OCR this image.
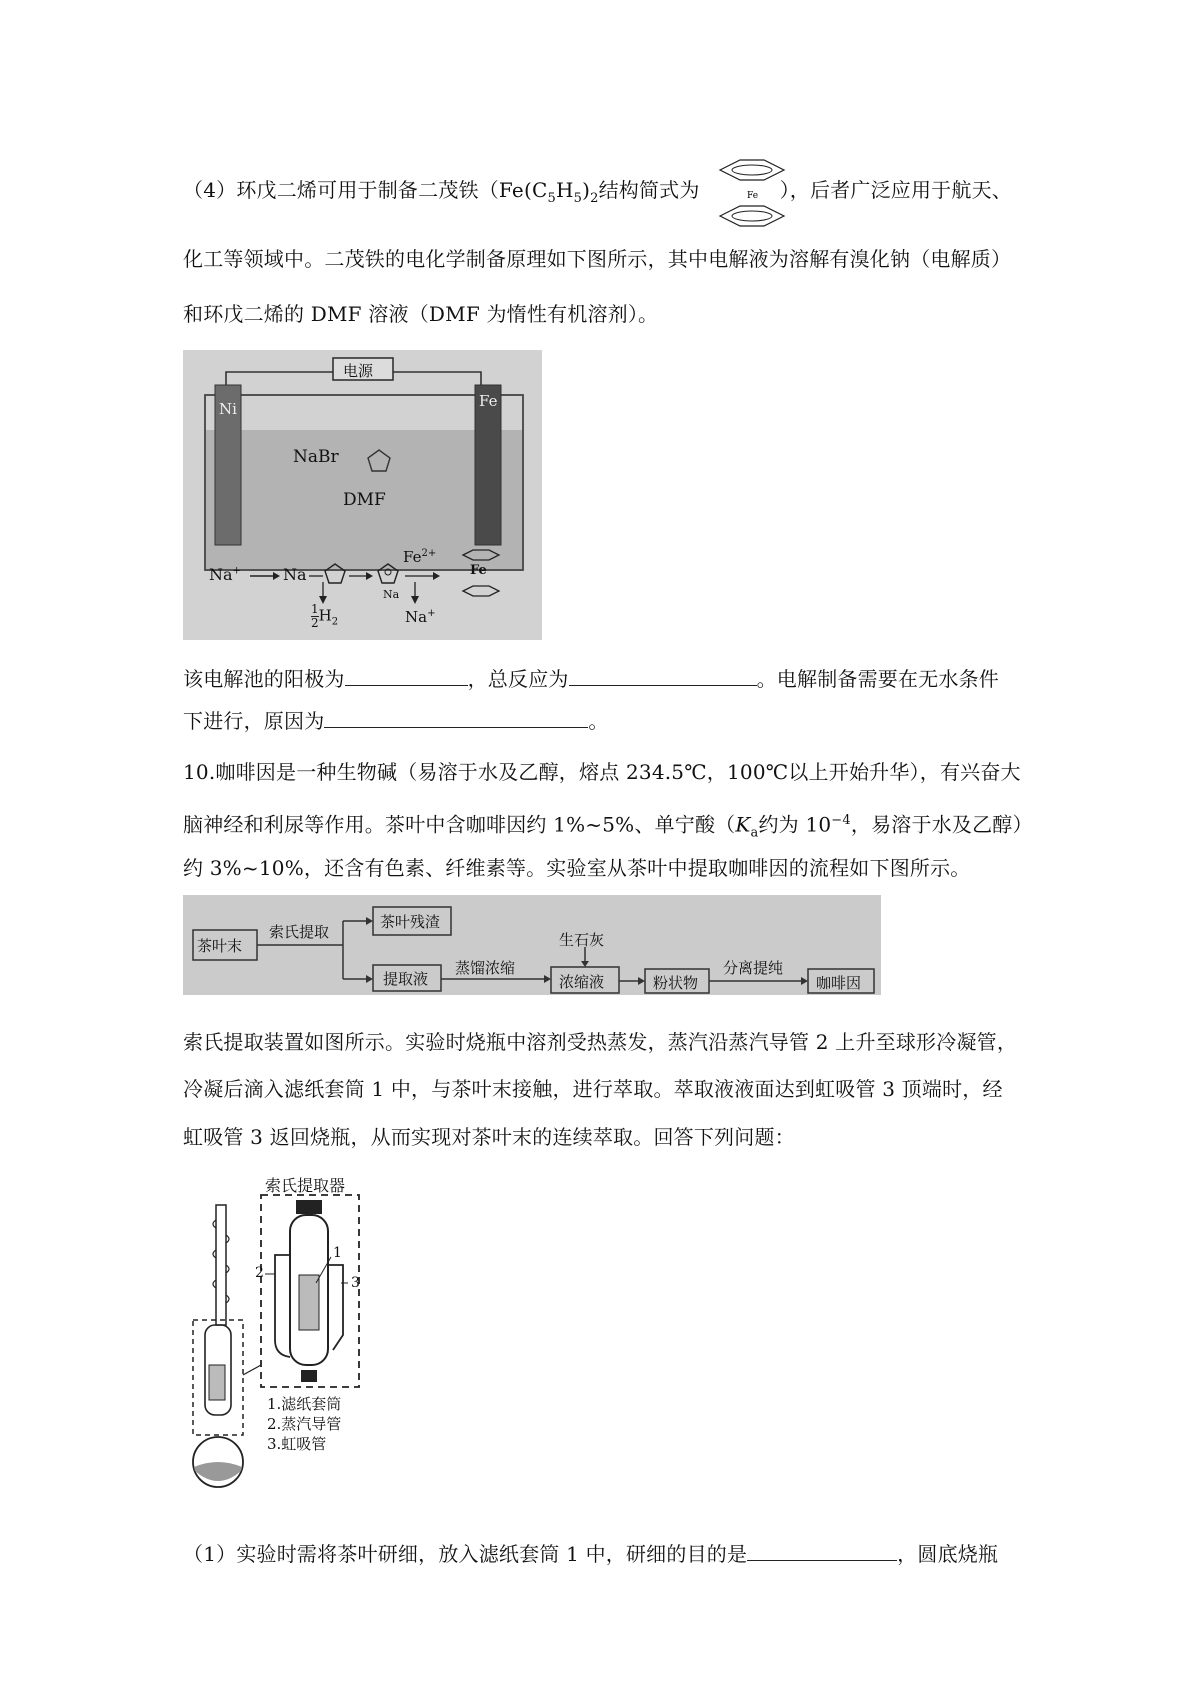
（4）环戊二烯可用于制备二茂铁（$Fe(C_5H_5)_2$结构简式为	），后者广泛应用于航天、
Fe
化工等领域中。二茂铁的电化学制备原理如下图所示，其中电解液为溶解有溴化钠（电解质）
和环戊二烯的 DMF 溶液（DMF 为惰性有机溶剂）。
电源
Ni	Fe
NaBr
DMF
Na+	Na
$\frac{1}{2} H_2$
Na
$Fe^{2+}$
Na+
Fe
该电解池的阳极为	，总反应为	。电解制备需要在无水条件
下进行，原因为	。
10.咖啡因是一种生物碱（易溶于水及乙醇，熔点 234.5℃，100℃以上开始升华），有兴奋大
脑神经和利尿等作用。茶叶中含咖啡因约 1%~5%、单宁酸（$K_a$约为 $10^{-4}$，易溶于水及乙醇）
约 3%~10%，还含有色素、纤维素等。实验室从茶叶中提取咖啡因的流程如下图所示。
茶叶末
索氏提取
茶叶残渣
提取液
蒸馏浓缩
生石灰
浓缩液	粉状物
分离提纯
咖啡因
索氏提取装置如图所示。实验时烧瓶中溶剂受热蒸发，蒸汽沿蒸汽导管 2 上升至球形冷凝管，
冷凝后滴入滤纸套筒 1 中，与茶叶末接触，进行萃取。萃取液液面达到虹吸管 3 顶端时，经
虹吸管 3 返回烧瓶，从而实现对茶叶末的连续萃取。回答下列问题：
索氏提取器
1
2
3
1.滤纸套筒
2.蒸汽导管
3.虹吸管
（1）实验时需将茶叶研细，放入滤纸套筒 1 中，研细的目的是	，圆底烧瓶
